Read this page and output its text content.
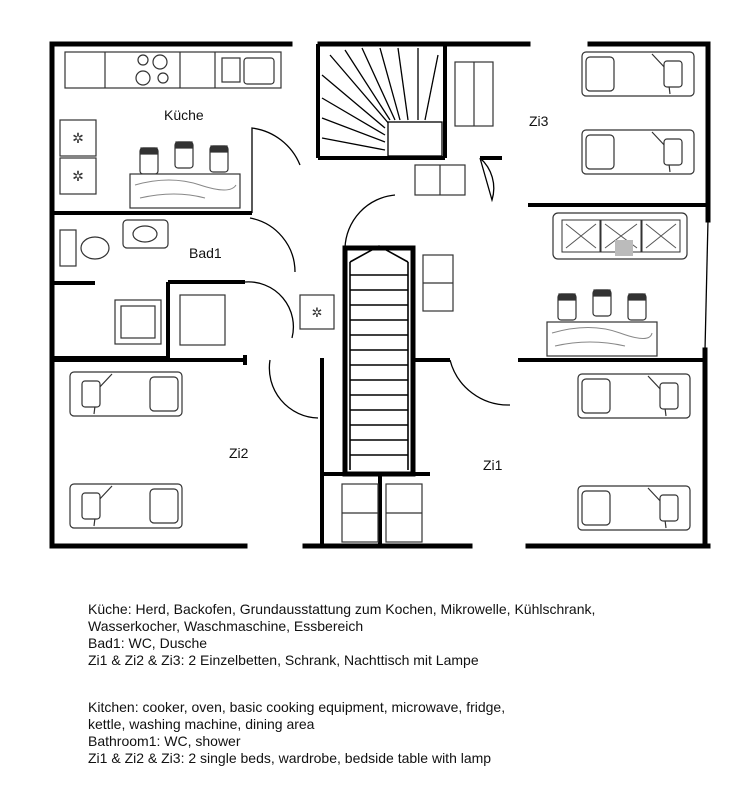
✲
✲
✲
Küche
Bad1
Zi3
Zi2
Zi1
Küche: Herd, Backofen, Grundausstattung zum Kochen, Mikrowelle, Kühlschrank,
Wasserkocher, Waschmaschine, Essbereich
Bad1: WC, Dusche
Zi1 & Zi2 & Zi3: 2 Einzelbetten, Schrank, Nachttisch mit Lampe
Kitchen: cooker, oven, basic cooking equipment, microwave, fridge,
kettle, washing machine, dining area
Bathroom1: WC, shower
Zi1 & Zi2 & Zi3: 2 single beds, wardrobe, bedside table with lamp
